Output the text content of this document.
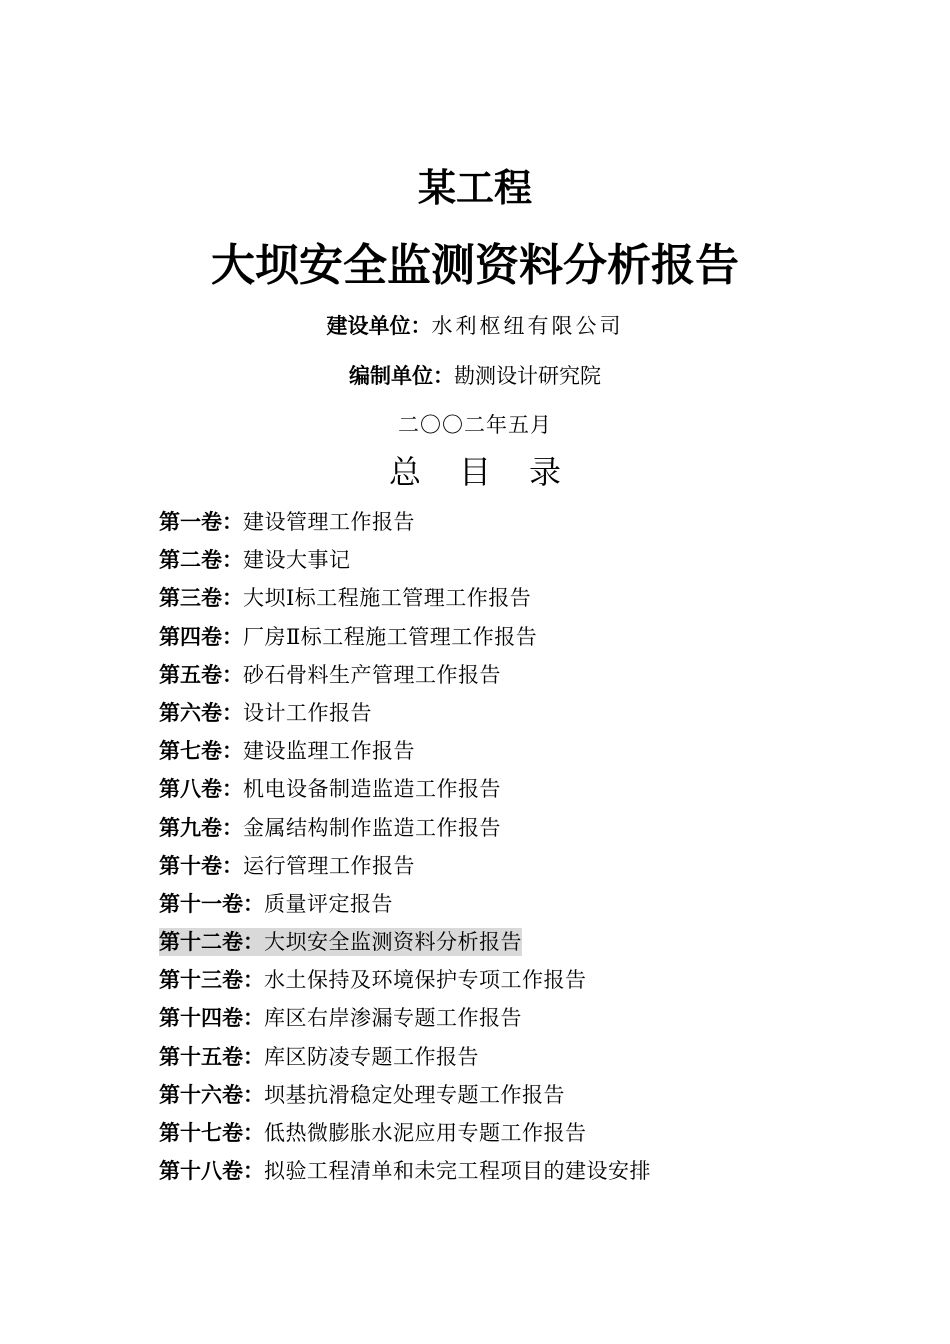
某工程
大坝安全监测资料分析报告
建设单位：水利枢纽有限公司
编制单位：勘测设计研究院
二〇〇二年五月
总目录
第一卷：建设管理工作报告
第二卷：建设大事记
第三卷：大坝Ⅰ标工程施工管理工作报告
第四卷：厂房Ⅱ标工程施工管理工作报告
第五卷：砂石骨料生产管理工作报告
第六卷：设计工作报告
第七卷：建设监理工作报告
第八卷：机电设备制造监造工作报告
第九卷：金属结构制作监造工作报告
第十卷：运行管理工作报告
第十一卷：质量评定报告
第十二卷：大坝安全监测资料分析报告
第十三卷：水土保持及环境保护专项工作报告
第十四卷：库区右岸渗漏专题工作报告
第十五卷：库区防凌专题工作报告
第十六卷：坝基抗滑稳定处理专题工作报告
第十七卷：低热微膨胀水泥应用专题工作报告
第十八卷：拟验工程清单和未完工程项目的建设安排
